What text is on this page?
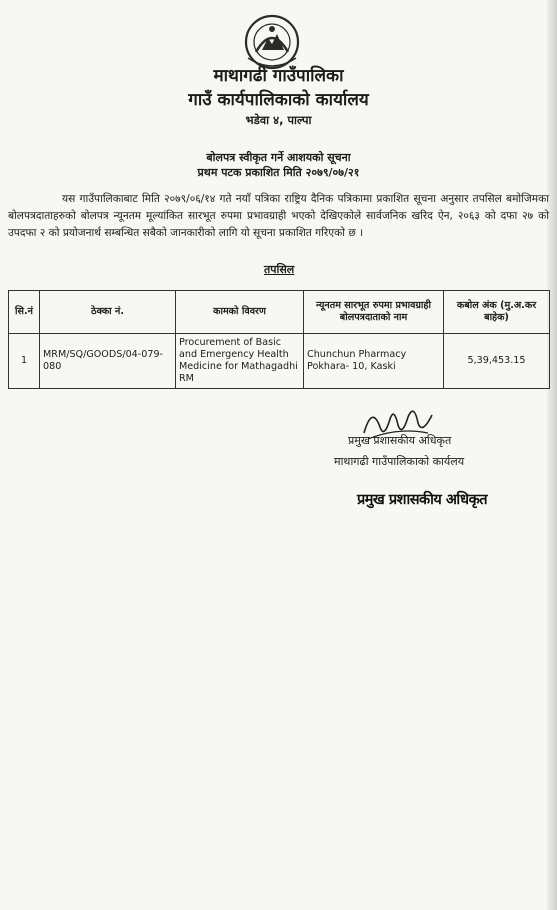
माथागढी गाउँपालिका
गाउँ कार्यपालिकाको कार्यालय
भडेवा ४, पाल्पा
बोलपत्र स्वीकृत गर्ने आशयको सूचना
प्रथम पटक प्रकाशित मिति २०७९/०७/२१
यस गाउँपालिकाबाट मिति २०७९/०६/१४ गते नयाँ पत्रिका राष्ट्रिय दैनिक पत्रिकामा प्रकाशित सूचना अनुसार तपसिल बमोजिमका बोलपत्रदाताहरुको बोलपत्र न्यूनतम मूल्यांकित सारभूत रुपमा प्रभावग्राही भएको देखिएकोले सार्वजनिक खरिद ऐन, २०६३ को दफा २७ को उपदफा २ को प्रयोजनार्थ सम्बन्धित सबैको जानकारीको लागि यो सूचना प्रकाशित गरिएको छ ।
तपसिल
सि.नं	ठेक्का नं.	कामको विवरण	न्यूनतम सारभूत रुपमा प्रभावग्राही बोलपत्रदाताको नाम	कबोल अंक (मु.अ.कर बाहेक)
1	MRM/SQ/GOODS/04-079-080	Procurement of Basic and Emergency Health Medicine for Mathagadhi RM	Chunchun Pharmacy Pokhara- 10, Kaski	5,39,453.15
प्रमुख प्रशासकीय अधिकृत
माथागढी गाउँपालिकाको कार्यलय
प्रमुख प्रशासकीय अधिकृत
